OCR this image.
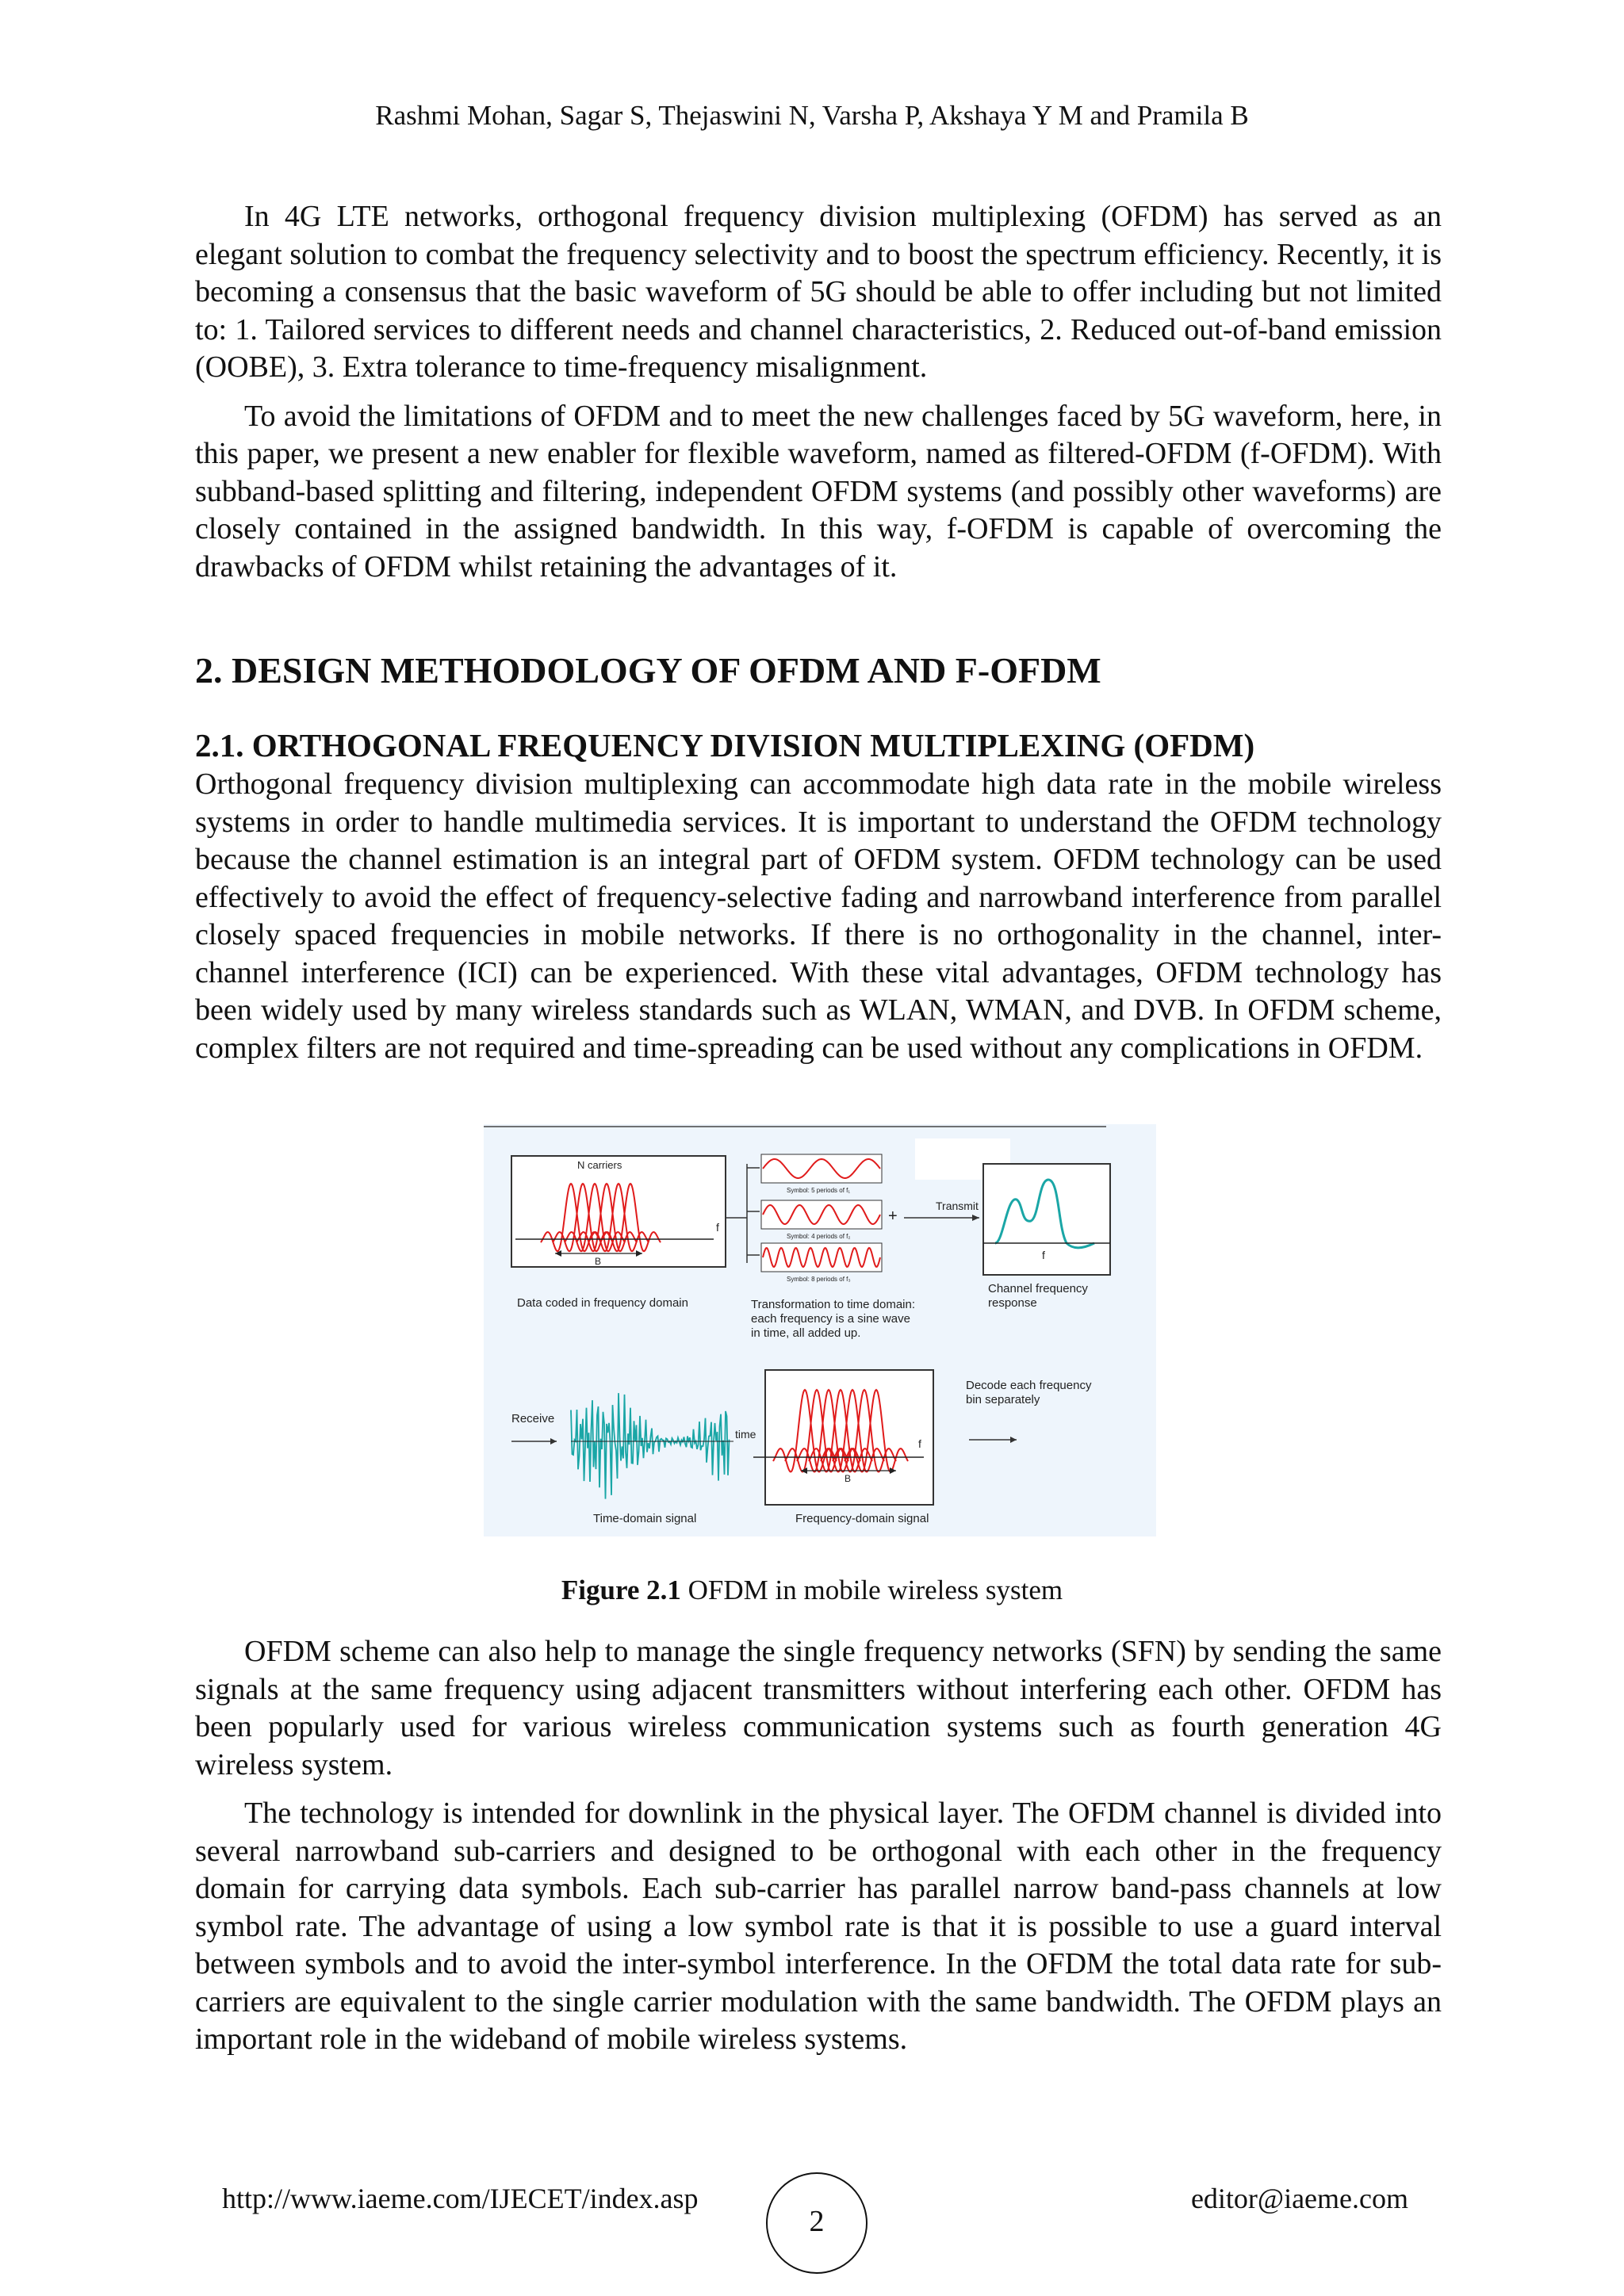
Rashmi Mohan, Sagar S, Thejaswini N, Varsha P, Akshaya Y M and Pramila B

In 4G LTE networks, orthogonal frequency division multiplexing (OFDM) has served as an elegant solution to combat the frequency selectivity and to boost the spectrum efficiency. Recently, it is becoming a consensus that the basic waveform of 5G should be able to offer including but not limited to: 1. Tailored services to different needs and channel characteristics, 2. Reduced out-of-band emission (OOBE), 3. Extra tolerance to time-frequency misalignment.

To avoid the limitations of OFDM and to meet the new challenges faced by 5G waveform, here, in this paper, we present a new enabler for flexible waveform, named as filtered-OFDM (f-OFDM). With subband-based splitting and filtering, independent OFDM systems (and possibly other waveforms) are closely contained in the assigned bandwidth. In this way, f-OFDM is capable of overcoming the drawbacks of OFDM whilst retaining the advantages of it.

2. DESIGN METHODOLOGY OF OFDM AND F-OFDM
2.1. ORTHOGONAL FREQUENCY DIVISION MULTIPLEXING (OFDM)

Orthogonal frequency division multiplexing can accommodate high data rate in the mobile wireless systems in order to handle multimedia services. It is important to understand the OFDM technology because the channel estimation is an integral part of OFDM system. OFDM technology can be used effectively to avoid the effect of frequency-selective fading and narrowband interference from parallel closely spaced frequencies in mobile networks. If there is no orthogonality in the channel, inter-channel interference (ICI) can be experienced. With these vital advantages, OFDM technology has been widely used by many wireless standards such as WLAN, WMAN, and DVB. In OFDM scheme, complex filters are not required and time-spreading can be used without any complications in OFDM.

N carriers
f
B
Data coded in frequency domain
Symbol: 5 periods of f₁
Symbol: 4 periods of f₂
Symbol: 8 periods of f₃
+
Transformation to time domain:
each frequency is a sine wave
in time, all added up.
Transmit
f
Channel frequency
response
Receive
time
Time-domain signal
f
B
Frequency-domain signal
Decode each frequency
bin separately
Figure 2.1 OFDM in mobile wireless system

OFDM scheme can also help to manage the single frequency networks (SFN) by sending the same signals at the same frequency using adjacent transmitters without interfering each other. OFDM has been popularly used for various wireless communication systems such as fourth generation 4G wireless system.

The technology is intended for downlink in the physical layer. The OFDM channel is divided into several narrowband sub-carriers and designed to be orthogonal with each other in the frequency domain for carrying data symbols. Each sub-carrier has parallel narrow band-pass channels at low symbol rate. The advantage of using a low symbol rate is that it is possible to use a guard interval between symbols and to avoid the inter-symbol interference. In the OFDM the total data rate for sub-carriers are equivalent to the single carrier modulation with the same bandwidth. The OFDM plays an important role in the wideband of mobile wireless systems.

http://www.iaeme.com/IJECET/index.asp
2
editor@iaeme.com
